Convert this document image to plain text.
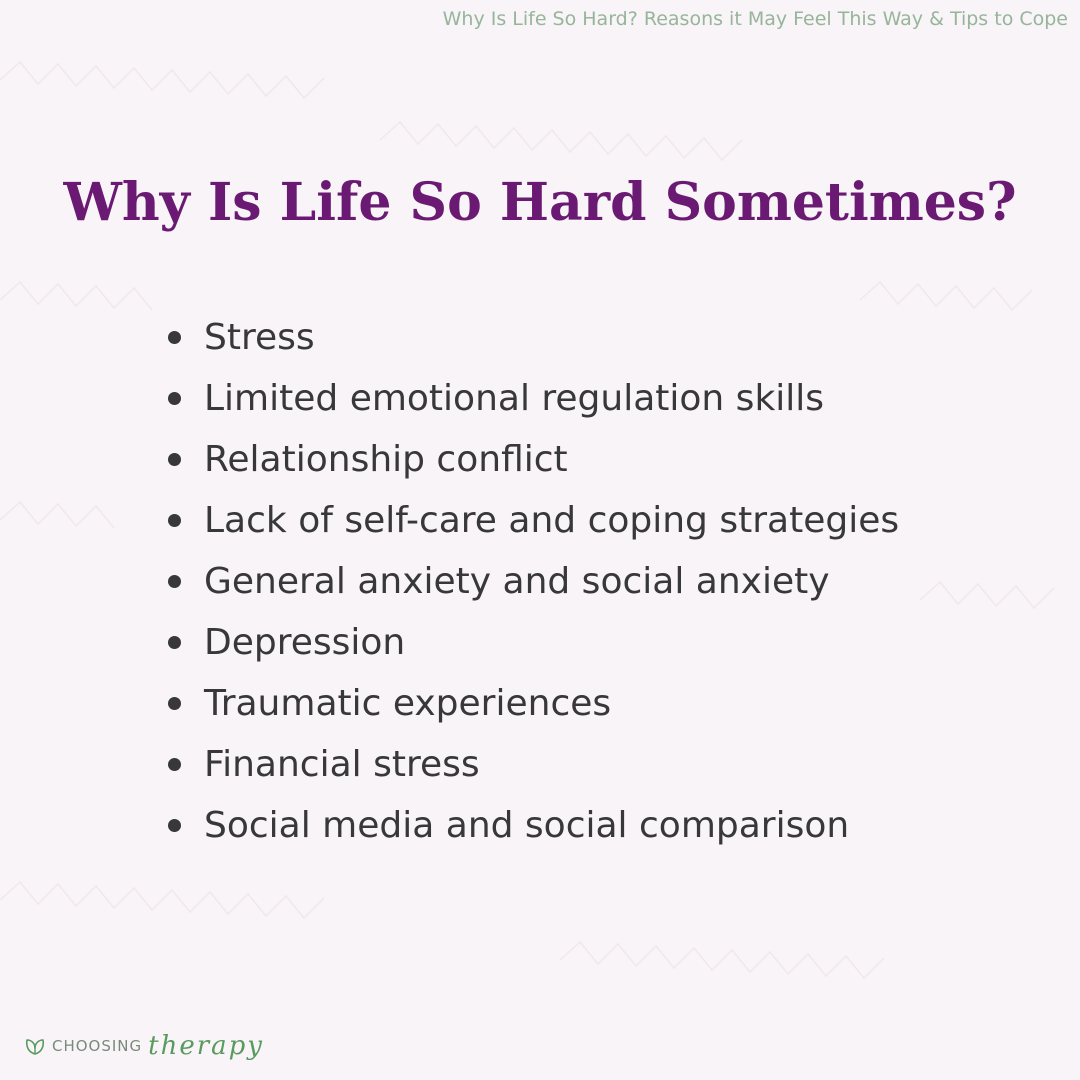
Why Is Life So Hard? Reasons it May Feel This Way & Tips to Cope
Why Is Life So Hard Sometimes?
Stress
Limited emotional regulation skills
Relationship conflict
Lack of self-care and coping strategies
General anxiety and social anxiety
Depression
Traumatic experiences
Financial stress
Social media and social comparison
CHOOSING therapy
